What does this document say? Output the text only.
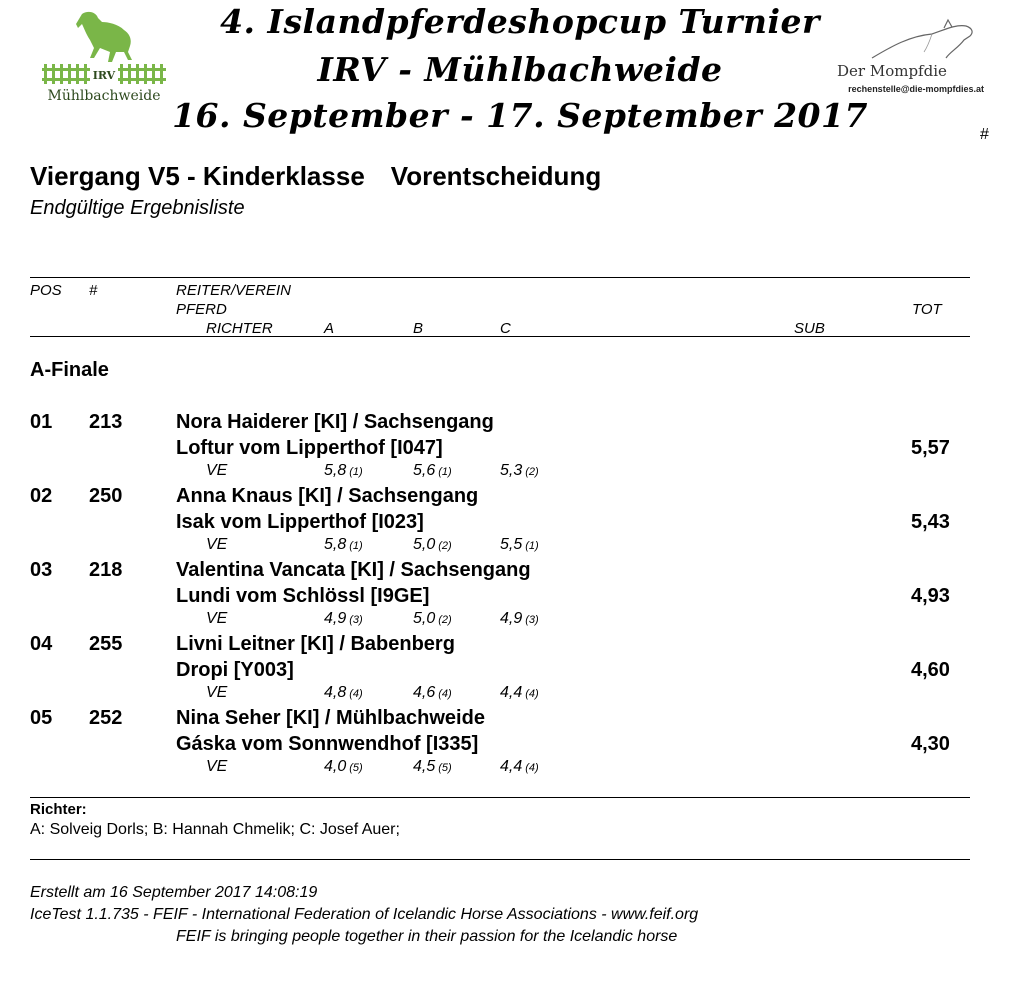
IRV
Mühlbachweide
4. Islandpferdeshopcup Turnier
IRV - Mühlbachweide
16. September - 17. September 2017
Der Mompfdie
rechenstelle@die-mompfdies.at
#
Viergang V5 - Kinderklasse Vorentscheidung
Endgültige Ergebnisliste
POS #	REITER/VEREIN
PFERD	TOT
RICHTER	A	B	C	SUB
A-Finale
01 213	Nora Haiderer [KI] / Sachsengang
Loftur vom Lipperthof [I047]	5,57
VE	5,8 (1)	5,6 (1)	5,3 (2)
02 250	Anna Knaus [KI] / Sachsengang
Isak vom Lipperthof [I023]	5,43
VE	5,8 (1)	5,0 (2)	5,5 (1)
03 218	Valentina Vancata [KI] / Sachsengang
Lundi vom Schlössl [I9GE]	4,93
VE	4,9 (3)	5,0 (2)	4,9 (3)
04 255	Livni Leitner [KI] / Babenberg
Dropi [Y003]	4,60
VE	4,8 (4)	4,6 (4)	4,4 (4)
05 252	Nina Seher [KI] / Mühlbachweide
Gáska vom Sonnwendhof [I335]	4,30
VE	4,0 (5)	4,5 (5)	4,4 (4)
Richter:
A: Solveig Dorls; B: Hannah Chmelik; C: Josef Auer;
Erstellt am 16 September 2017 14:08:19
IceTest 1.1.735 - FEIF - International Federation of Icelandic Horse Associations - www.feif.org
FEIF is bringing people together in their passion for the Icelandic horse
